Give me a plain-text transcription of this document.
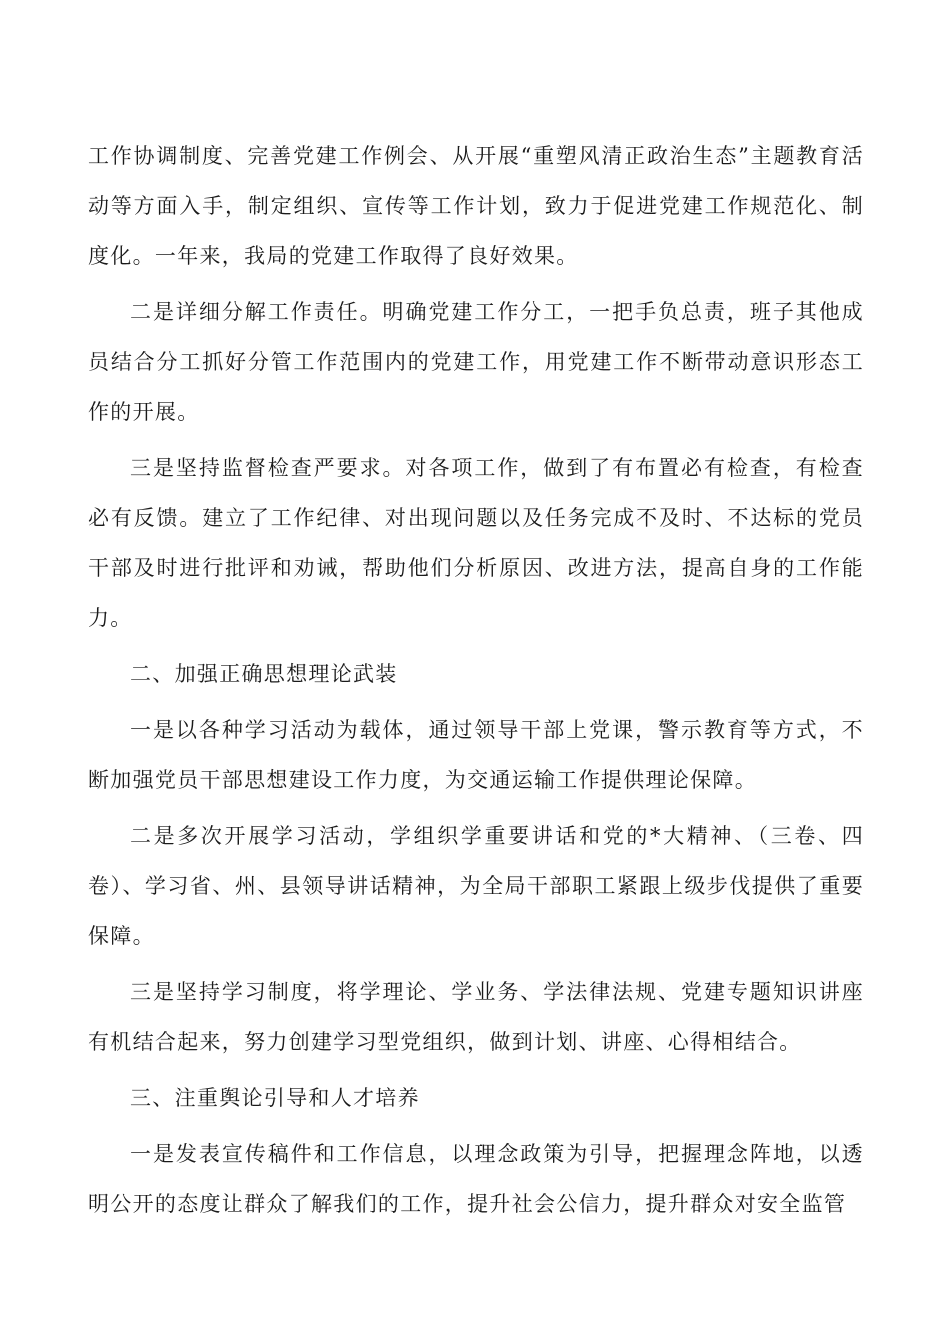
工作协调制度、完善党建工作例会、从开展“重塑风清正政治生态”主题教育活动等方面入手，制定组织、宣传等工作计划，致力于促进党建工作规范化、制度化。一年来，我局的党建工作取得了良好效果。

二是详细分解工作责任。明确党建工作分工，一把手负总责，班子其他成员结合分工抓好分管工作范围内的党建工作，用党建工作不断带动意识形态工作的开展。

三是坚持监督检查严要求。对各项工作，做到了有布置必有检查，有检查必有反馈。建立了工作纪律、对出现问题以及任务完成不及时、不达标的党员干部及时进行批评和劝诫，帮助他们分析原因、改进方法，提高自身的工作能力。

二、加强正确思想理论武装

一是以各种学习活动为载体，通过领导干部上党课，警示教育等方式，不断加强党员干部思想建设工作力度，为交通运输工作提供理论保障。

二是多次开展学习活动，学组织学重要讲话和党的*大精神、（三卷、四卷）、学习省、州、县领导讲话精神，为全局干部职工紧跟上级步伐提供了重要保障。

三是坚持学习制度，将学理论、学业务、学法律法规、党建专题知识讲座有机结合起来，努力创建学习型党组织，做到计划、讲座、心得相结合。

三、注重舆论引导和人才培养

一是发表宣传稿件和工作信息，以理念政策为引导，把握理念阵地，以透明公开的态度让群众了解我们的工作，提升社会公信力，提升群众对安全监管
